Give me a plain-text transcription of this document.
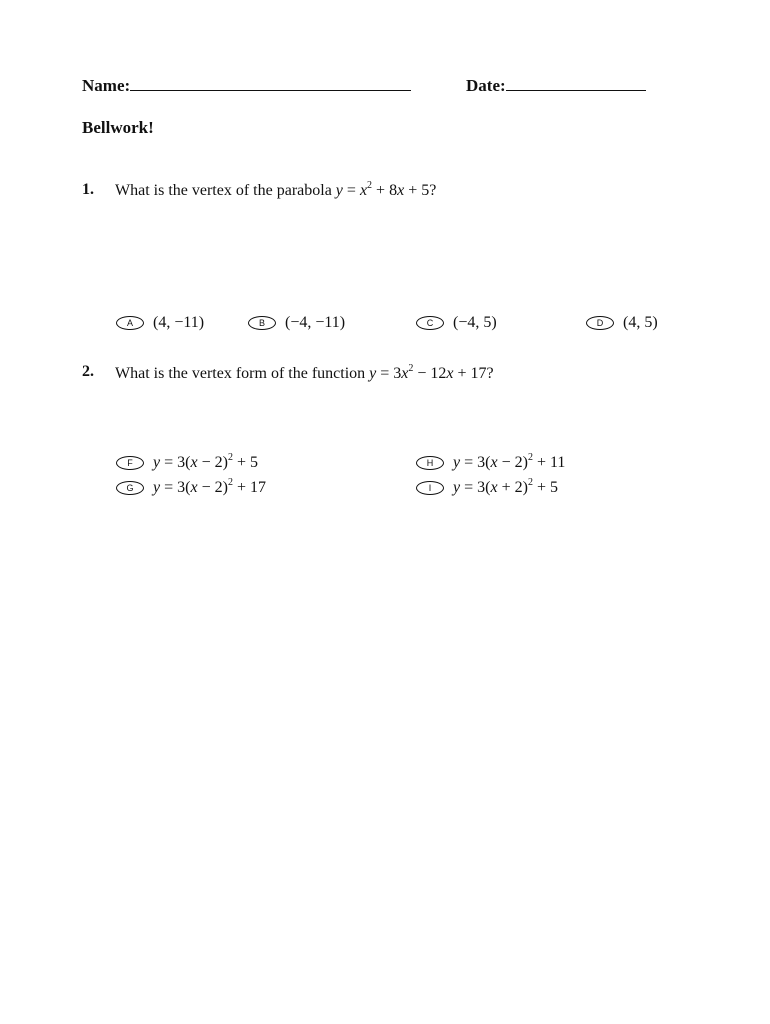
Name:	Date:
Bellwork!
1. What is the vertex of the parabola $y = x^2 + 8x + 5$?
A (4, −11)	B (−4, −11)	C (−4, 5)	D (4, 5)
2. What is the vertex form of the function $y = 3x^2 - 12x + 17$?
F $y = 3(x - 2)^2 + 5$
G $y = 3(x - 2)^2 + 17$
H $y = 3(x - 2)^2 + 11$
I $y = 3(x + 2)^2 + 5$
